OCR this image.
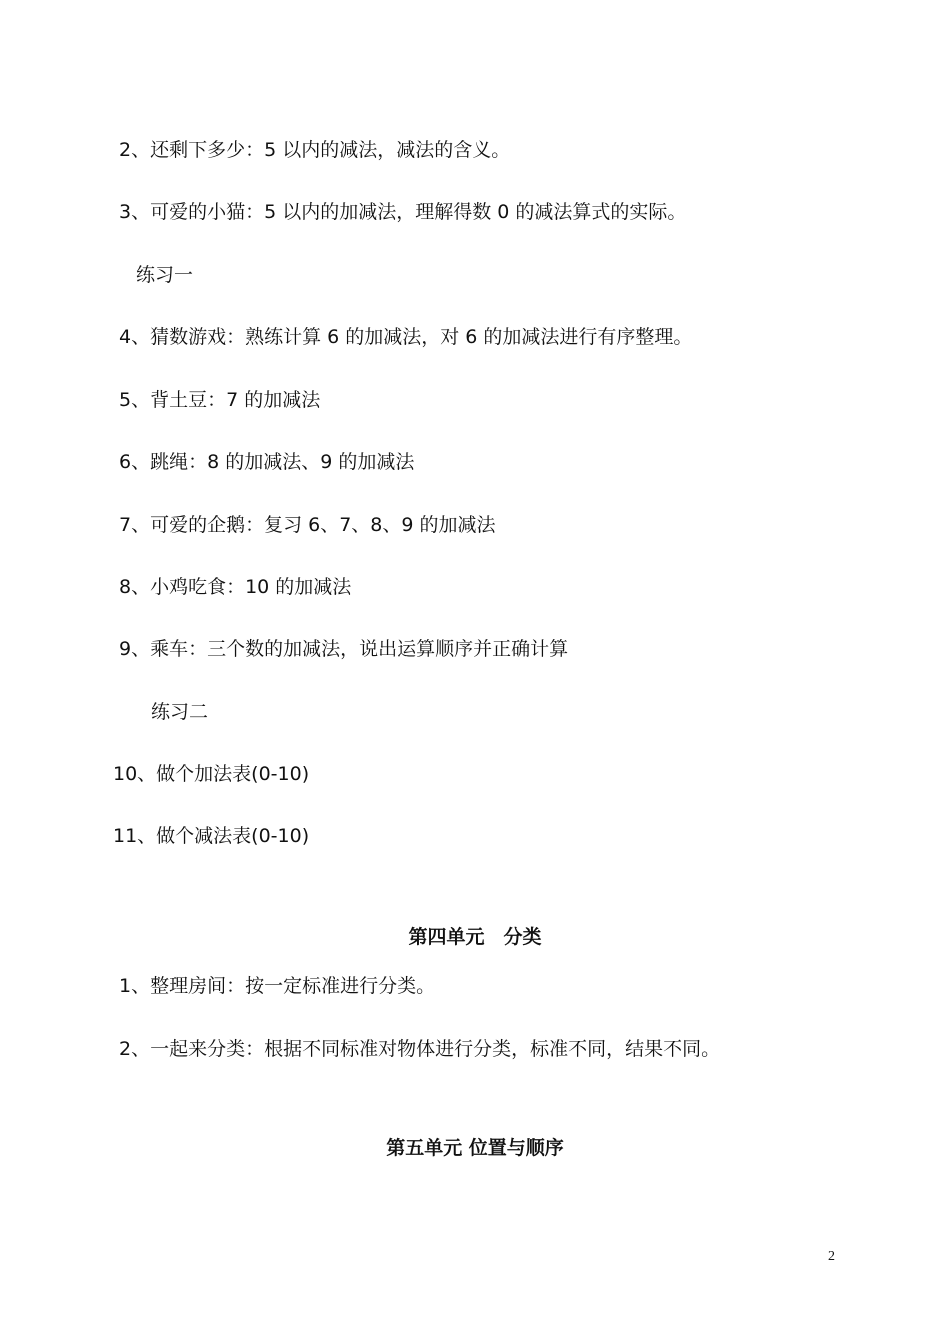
2、还剩下多少：5 以内的减法，减法的含义。
3、可爱的小猫：5 以内的加减法，理解得数 0 的减法算式的实际。
练习一
4、猜数游戏：熟练计算 6 的加减法，对 6 的加减法进行有序整理。
5、背土豆：7 的加减法
6、跳绳：8 的加减法、9 的加减法
7、可爱的企鹅：复习 6、7、8、9 的加减法
8、小鸡吃食：10 的加减法
9、乘车：三个数的加减法，说出运算顺序并正确计算
练习二
10、做个加法表(0-10)
11、做个减法表(0-10)
第四单元　分类
1、整理房间：按一定标准进行分类。
2、一起来分类：根据不同标准对物体进行分类，标准不同，结果不同。
第五单元 位置与顺序
2
